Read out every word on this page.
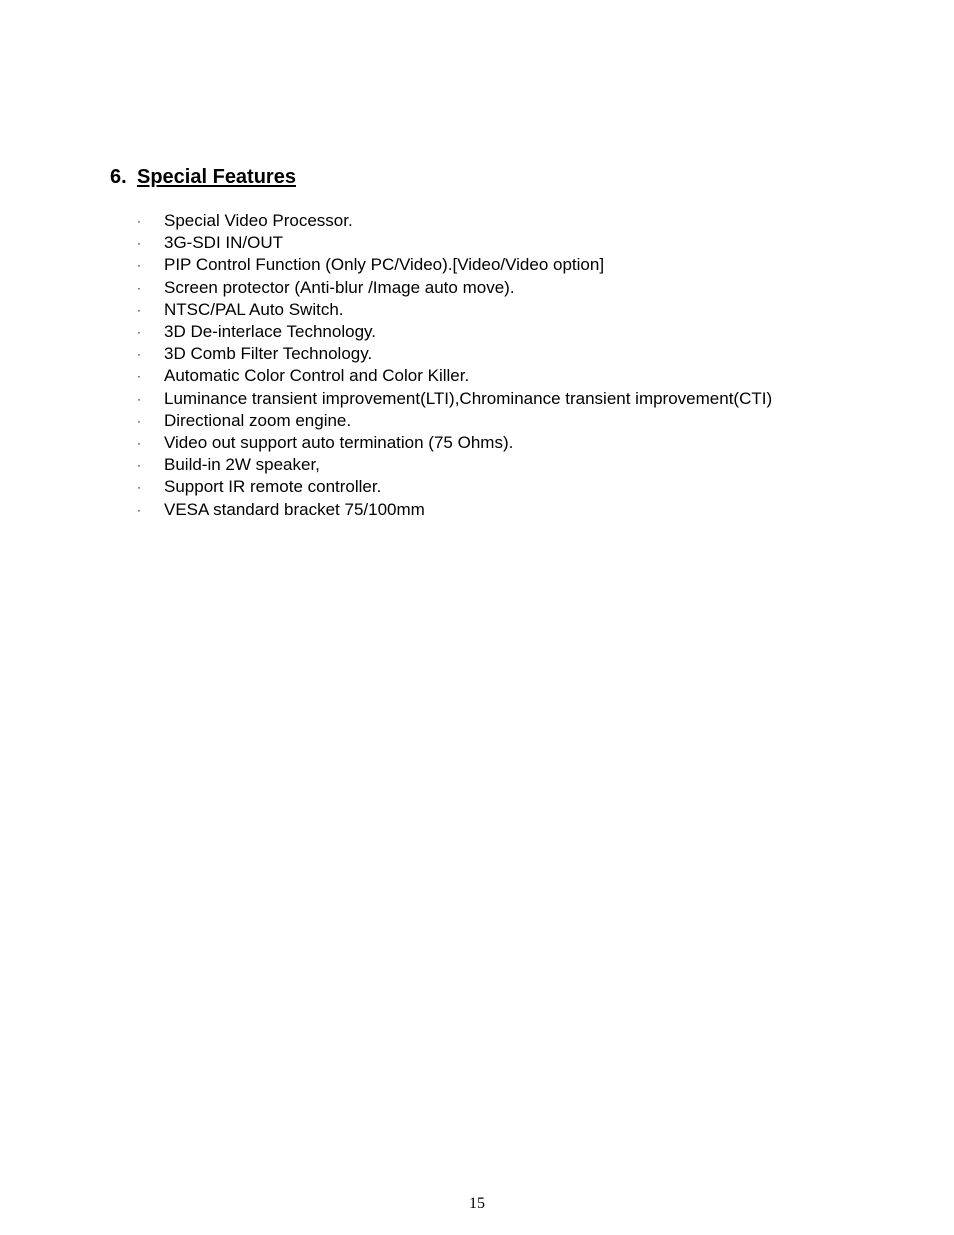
6. Special Features
· Special Video Processor.
· 3G-SDI IN/OUT
· PIP Control Function (Only PC/Video).[Video/Video option]
· Screen protector (Anti-blur /Image auto move).
· NTSC/PAL Auto Switch.
· 3D De-interlace Technology.
· 3D Comb Filter Technology.
· Automatic Color Control and Color Killer.
· Luminance transient improvement(LTI),Chrominance transient improvement(CTI)
· Directional zoom engine.
· Video out support auto termination (75 Ohms).
· Build-in 2W speaker,
· Support IR remote controller.
· VESA standard bracket 75/100mm
15
